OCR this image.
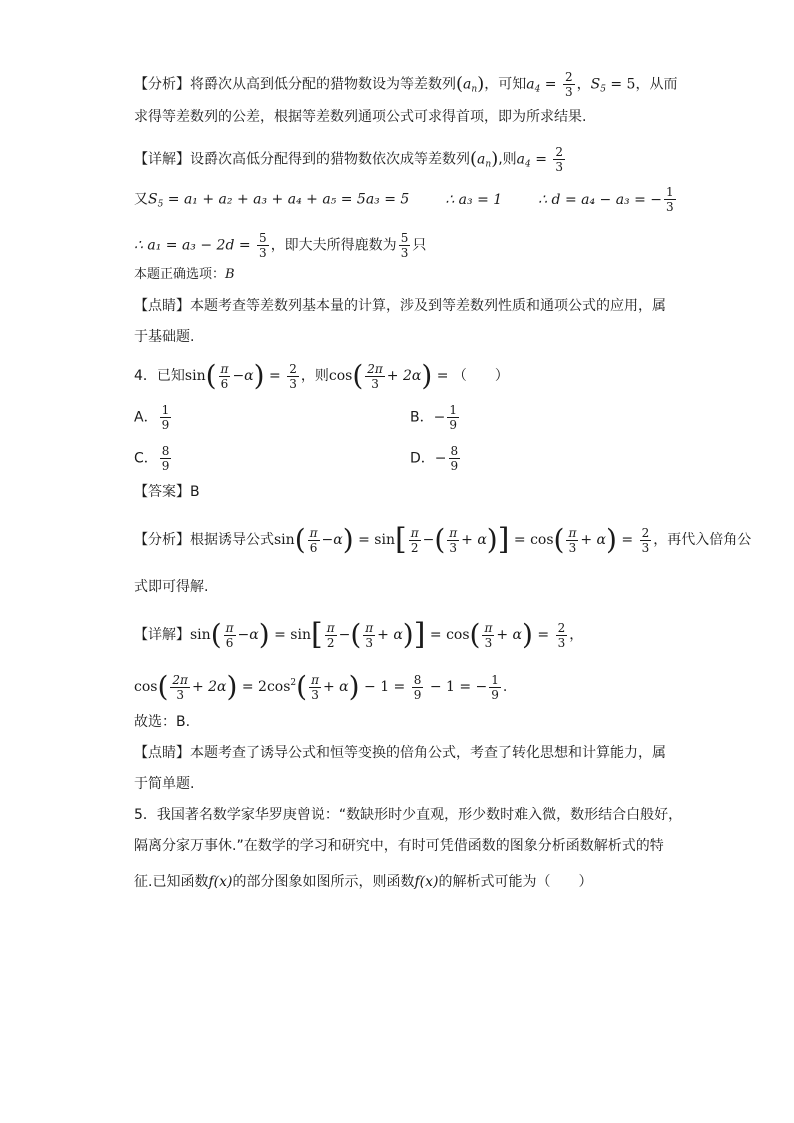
【分析】将爵次从高到低分配的猎物数设为等差数列$(a_n)$，可知$a_4 = \frac{2}{3}$ ，$S_5 = 5$，从而
求得等差数列的公差，根据等差数列通项公式可求得首项，即为所求结果.
【详解】设爵次高低分配得到的猎物数依次成等差数列$(a_n)$,则$a_4 = \frac{2}{3}$
又$S_5 = a_1 + a_2 + a_3 + a_4 + a_5 = 5a_3 = 5$	∴ a₃ = 1	∴ d = a₄ − a₃ = − $\frac{1}{3}$
∴ $a_1 = a_3 - 2d = \frac{5}{3}$ ，即大夫所得鹿数为 $\frac{5}{3}$ 只
本题正确选项：B
【点睛】本题考查等差数列基本量的计算，涉及到等差数列性质和通项公式的应用，属
于基础题.
4．已知$\sin( \frac{\pi}{6} -\alpha) = \frac{2}{3}$ ，则$\cos( \frac{2\pi}{3} + 2\alpha)$ = （　　）
A． $\frac{1}{9}$	B．− $\frac{1}{9}$
C． $\frac{8}{9}$	D．− $\frac{8}{9}$
【答案】B
【分析】根据诱导公式$\sin( \frac{\pi}{6} -\alpha) = \sin[ \frac{\pi}{2}$ −( $\frac{\pi}{3} + \alpha)] = \cos( \frac{\pi}{3} + \alpha) = \frac{2}{3}$ ，再代入倍角公
式即可得解.
【详解】$\sin( \frac{\pi}{6} -\alpha) = \sin[ \frac{\pi}{2}$ −( $\frac{\pi}{3} + \alpha)] = \cos( \frac{\pi}{3} + \alpha) = \frac{2}{3}$ ，
$\cos( \frac{2\pi}{3} + 2\alpha) = 2\cos^2( \frac{\pi}{3} + \alpha) - 1 = \frac{8}{9} - 1$ = − $\frac{1}{9}$ .
故选：B.
【点睛】本题考查了诱导公式和恒等变换的倍角公式，考查了转化思想和计算能力，属
于简单题.
5．我国著名数学家华罗庚曾说：“数缺形时少直观，形少数时难入微，数形结合白般好，
隔离分家万事休.”在数学的学习和研究中，有时可凭借函数的图象分析函数解析式的特
征.已知函数f(x)的部分图象如图所示，则函数f(x)的解析式可能为（　　）
